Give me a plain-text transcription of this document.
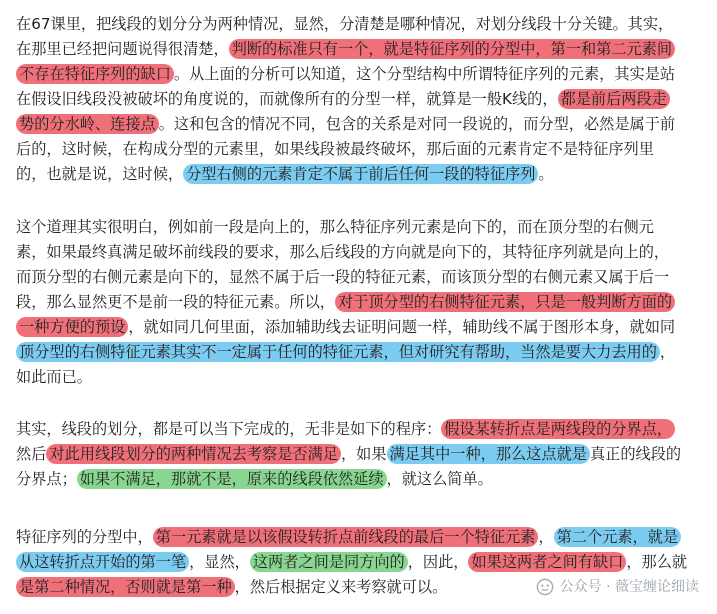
在67课里，把线段的划分分为两种情况，显然，分清楚是哪种情况，对划分线段十分关键。其实，
在那里已经把问题说得很清楚， 判断的标准只有一个，就是特征序列的分型中，第一和第二元素间
不存在特征序列的缺口 。从上面的分析可以知道，这个分型结构中所谓特征序列的元素，其实是站
在假设旧线段没被破坏的角度说的，而就像所有的分型一样，就算是一般K线的， 都是前后两段走
势的分水岭、连接点 。这和包含的情况不同，包含的关系是对同一段说的，而分型，必然是属于前
后的，这时候，在构成分型的元素里，如果线段被最终破坏，那后面的元素肯定不是特征序列里
的，也就是说，这时候， 分型右侧的元素肯定不属于前后任何一段的特征序列 。
这个道理其实很明白，例如前一段是向上的，那么特征序列元素是向下的，而在顶分型的右侧元
素，如果最终真满足破坏前线段的要求，那么后线段的方向就是向下的，其特征序列就是向上的，
而顶分型的右侧元素是向下的，显然不属于后一段的特征元素，而该顶分型的右侧元素又属于后一
段，那么显然更不是前一段的特征元素。所以， 对于顶分型的右侧特征元素，只是一般判断方面的
一种方便的预设 ，就如同几何里面，添加辅助线去证明问题一样，辅助线不属于图形本身，就如同
顶分型的右侧特征元素其实不一定属于任何的特征元素，但对研究有帮助，当然是要大力去用的 ，
如此而已。
其实，线段的划分，都是可以当下完成的，无非是如下的程序： 假设某转折点是两线段的分界点，
然后 对此用线段划分的两种情况去考察是否满足 ，如果 满足其中一种，那么这点就是 真正的线段的
分界点； 如果不满足，那就不是，原来的线段依然延续 ，就这么简单。
特征序列的分型中， 第一元素就是以该假设转折点前线段的最后一个特征元素 ， 第二个元素，就是
从这转折点开始的第一笔 ，显然， 这两者之间是同方向的 ，因此， 如果这两者之间有缺口 ，那么就
是第二种情况，否则就是第一种 ，然后根据定义来考察就可以。	公众号 · 薇宝缠论细读
